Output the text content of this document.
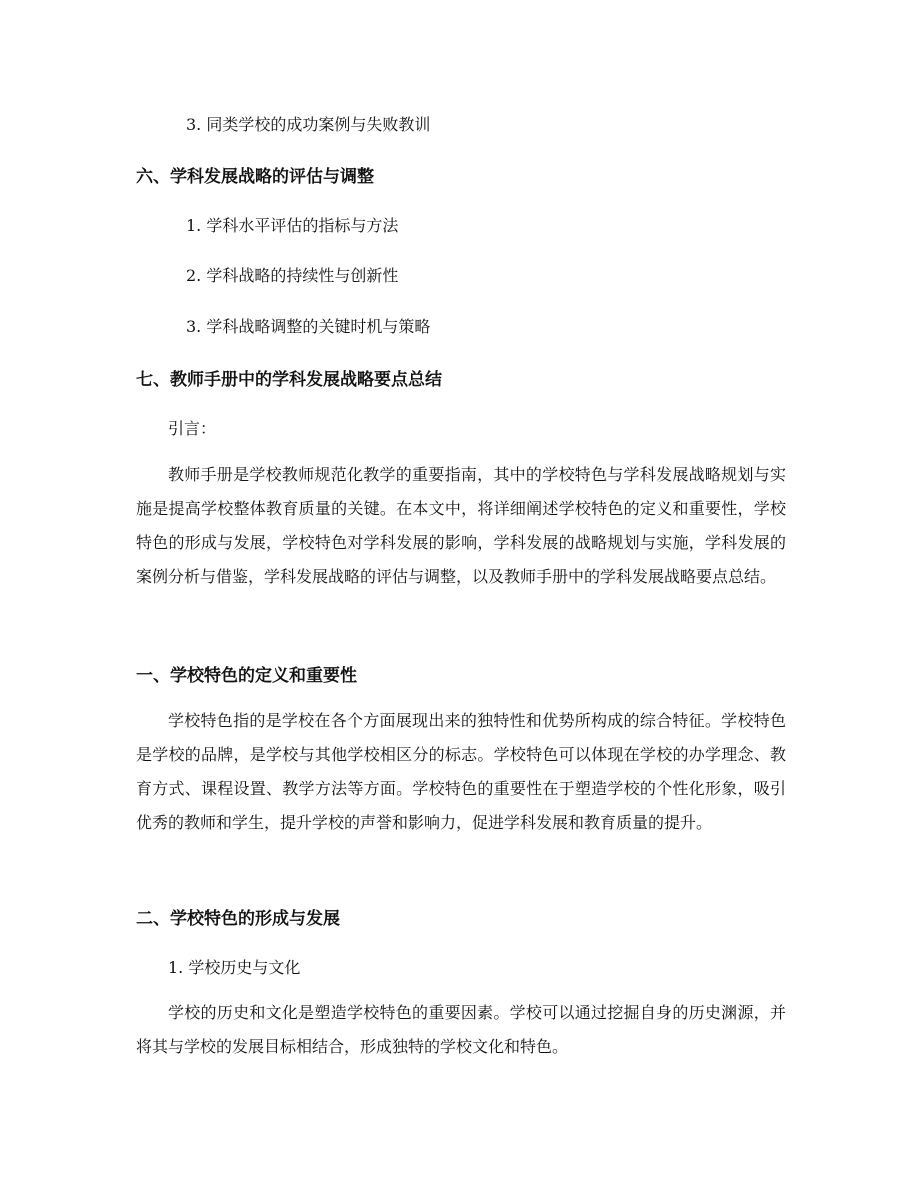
3. 同类学校的成功案例与失败教训
六、学科发展战略的评估与调整
1. 学科水平评估的指标与方法
2. 学科战略的持续性与创新性
3. 学科战略调整的关键时机与策略
七、教师手册中的学科发展战略要点总结
引言：
教师手册是学校教师规范化教学的重要指南，其中的学校特色与学科发展战略规划与实施是提高学校整体教育质量的关键。在本文中，将详细阐述学校特色的定义和重要性，学校特色的形成与发展，学校特色对学科发展的影响，学科发展的战略规划与实施，学科发展的案例分析与借鉴，学科发展战略的评估与调整，以及教师手册中的学科发展战略要点总结。
一、学校特色的定义和重要性
学校特色指的是学校在各个方面展现出来的独特性和优势所构成的综合特征。学校特色是学校的品牌，是学校与其他学校相区分的标志。学校特色可以体现在学校的办学理念、教育方式、课程设置、教学方法等方面。学校特色的重要性在于塑造学校的个性化形象，吸引优秀的教师和学生，提升学校的声誉和影响力，促进学科发展和教育质量的提升。
二、学校特色的形成与发展
1. 学校历史与文化
学校的历史和文化是塑造学校特色的重要因素。学校可以通过挖掘自身的历史渊源，并将其与学校的发展目标相结合，形成独特的学校文化和特色。
